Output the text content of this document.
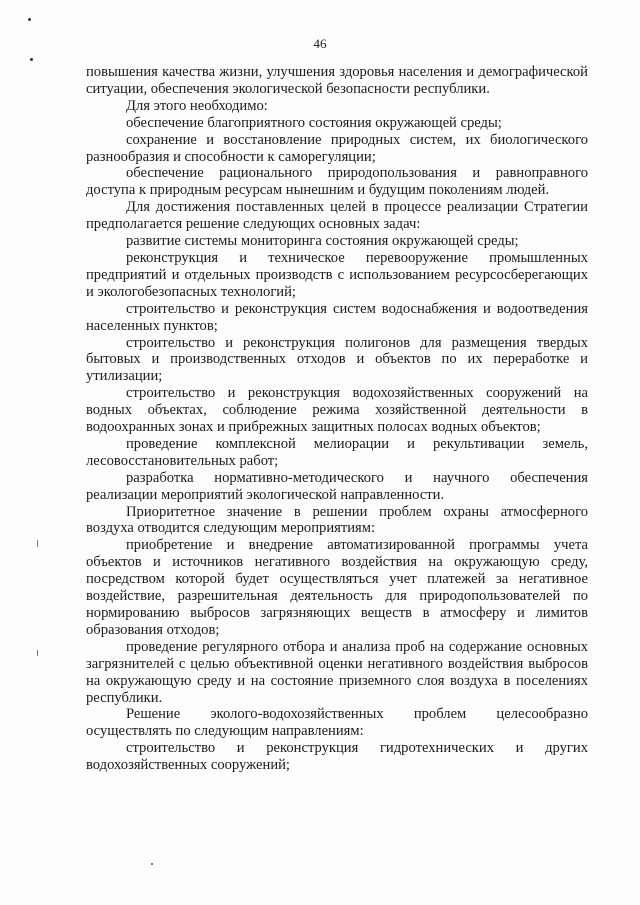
46

повышения качества жизни, улучшения здоровья населения и демографической ситуации, обеспечения экологической безопасности республики.

Для этого необходимо:

обеспечение благоприятного состояния окружающей среды;

сохранение и восстановление природных систем, их биологического разнообразия и способности к саморегуляции;

обеспечение рационального природопользования и равноправного доступа к природным ресурсам нынешним и будущим поколениям людей.

Для достижения поставленных целей в процессе реализации Стратегии предполагается решение следующих основных задач:

развитие системы мониторинга состояния окружающей среды;

реконструкция и техническое перевооружение промышленных предприятий и отдельных производств с использованием ресурсосберегающих и экологобезопасных технологий;

строительство и реконструкция систем водоснабжения и водоотведения населенных пунктов;

строительство и реконструкция полигонов для размещения твердых бытовых и производственных отходов и объектов по их переработке и утилизации;

строительство и реконструкция водохозяйственных сооружений на водных объектах, соблюдение режима хозяйственной деятельности в водоохранных зонах и прибрежных защитных полосах водных объектов;

проведение комплексной мелиорации и рекультивации земель, лесовосстановительных работ;

разработка нормативно-методического и научного обеспечения реализации мероприятий экологической направленности.

Приоритетное значение в решении проблем охраны атмосферного воздуха отводится следующим мероприятиям:

приобретение и внедрение автоматизированной программы учета объектов и источников негативного воздействия на окружающую среду, посредством которой будет осуществляться учет платежей за негативное воздействие, разрешительная деятельность для природопользователей по нормированию выбросов загрязняющих веществ в атмосферу и лимитов образования отходов;

проведение регулярного отбора и анализа проб на содержание основных загрязнителей с целью объективной оценки негативного воздействия выбросов на окружающую среду и на состояние приземного слоя воздуха в поселениях республики.

Решение эколого-водохозяйственных проблем целесообразно осуществлять по следующим направлениям:

строительство и реконструкция гидротехнических и других водохозяйственных сооружений;
